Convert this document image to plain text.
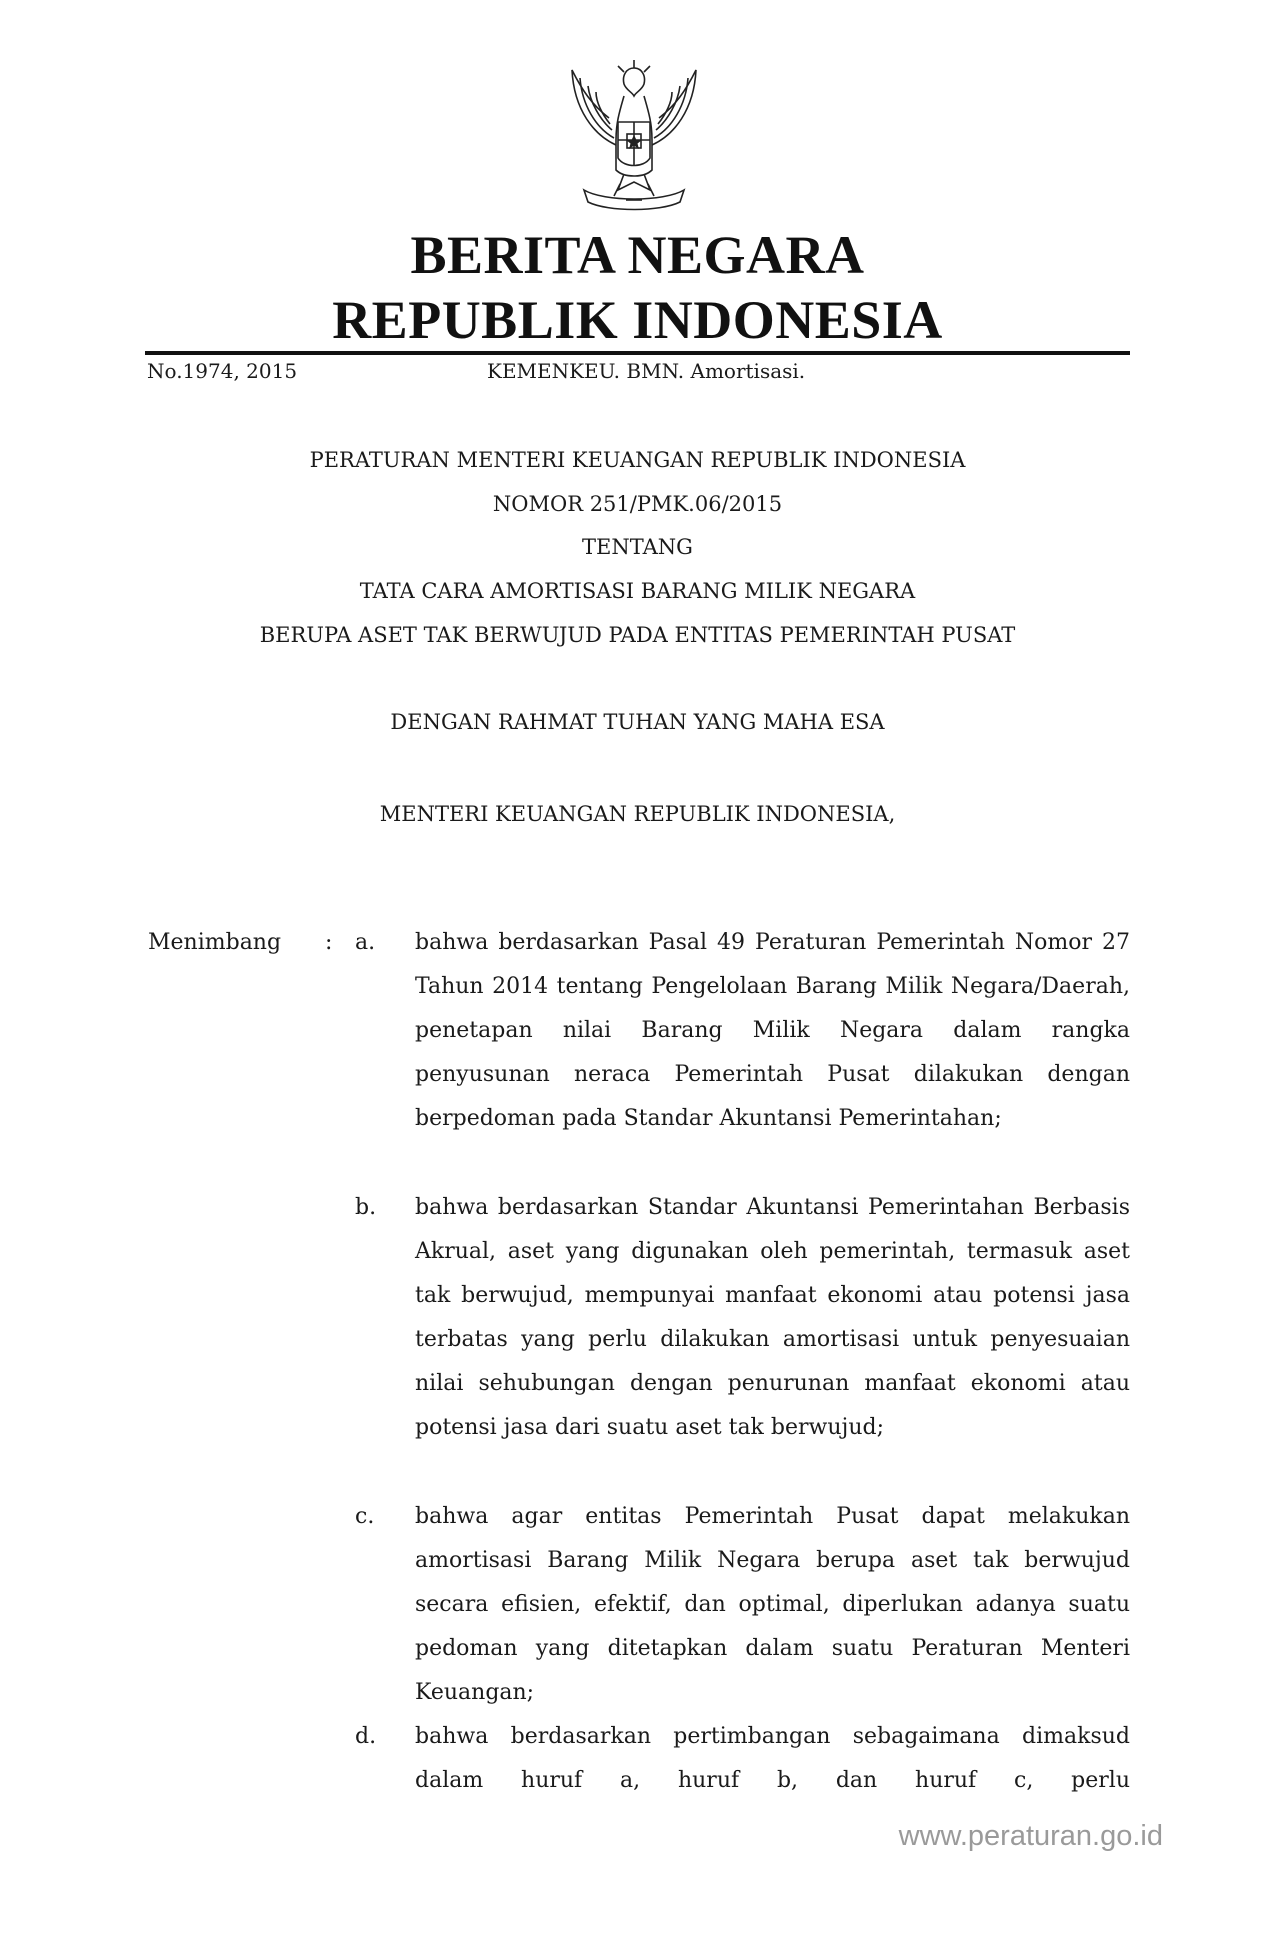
BERITA NEGARA
REPUBLIK INDONESIA
No.1974, 2015	KEMENKEU. BMN. Amortisasi.
PERATURAN MENTERI KEUANGAN REPUBLIK INDONESIA
NOMOR 251/PMK.06/2015
TENTANG
TATA CARA AMORTISASI BARANG MILIK NEGARA
BERUPA ASET TAK BERWUJUD PADA ENTITAS PEMERINTAH PUSAT
DENGAN RAHMAT TUHAN YANG MAHA ESA
MENTERI KEUANGAN REPUBLIK INDONESIA,
Menimbang : a. bahwa berdasarkan Pasal 49 Peraturan Pemerintah Nomor 27 Tahun 2014 tentang Pengelolaan Barang Milik Negara/Daerah, penetapan nilai Barang Milik Negara dalam rangka penyusunan neraca Pemerintah Pusat dilakukan dengan berpedoman pada Standar Akuntansi Pemerintahan;

b. bahwa berdasarkan Standar Akuntansi Pemerintahan Berbasis Akrual, aset yang digunakan oleh pemerintah, termasuk aset tak berwujud, mempunyai manfaat ekonomi atau potensi jasa terbatas yang perlu dilakukan amortisasi untuk penyesuaian nilai sehubungan dengan penurunan manfaat ekonomi atau potensi jasa dari suatu aset tak berwujud;

c. bahwa agar entitas Pemerintah Pusat dapat melakukan amortisasi Barang Milik Negara berupa aset tak berwujud secara efisien, efektif, dan optimal, diperlukan adanya suatu pedoman yang ditetapkan dalam suatu Peraturan Menteri Keuangan;

d. bahwa berdasarkan pertimbangan sebagaimana dimaksud dalam huruf a, huruf b, dan huruf c, perlu

www.peraturan.go.id
